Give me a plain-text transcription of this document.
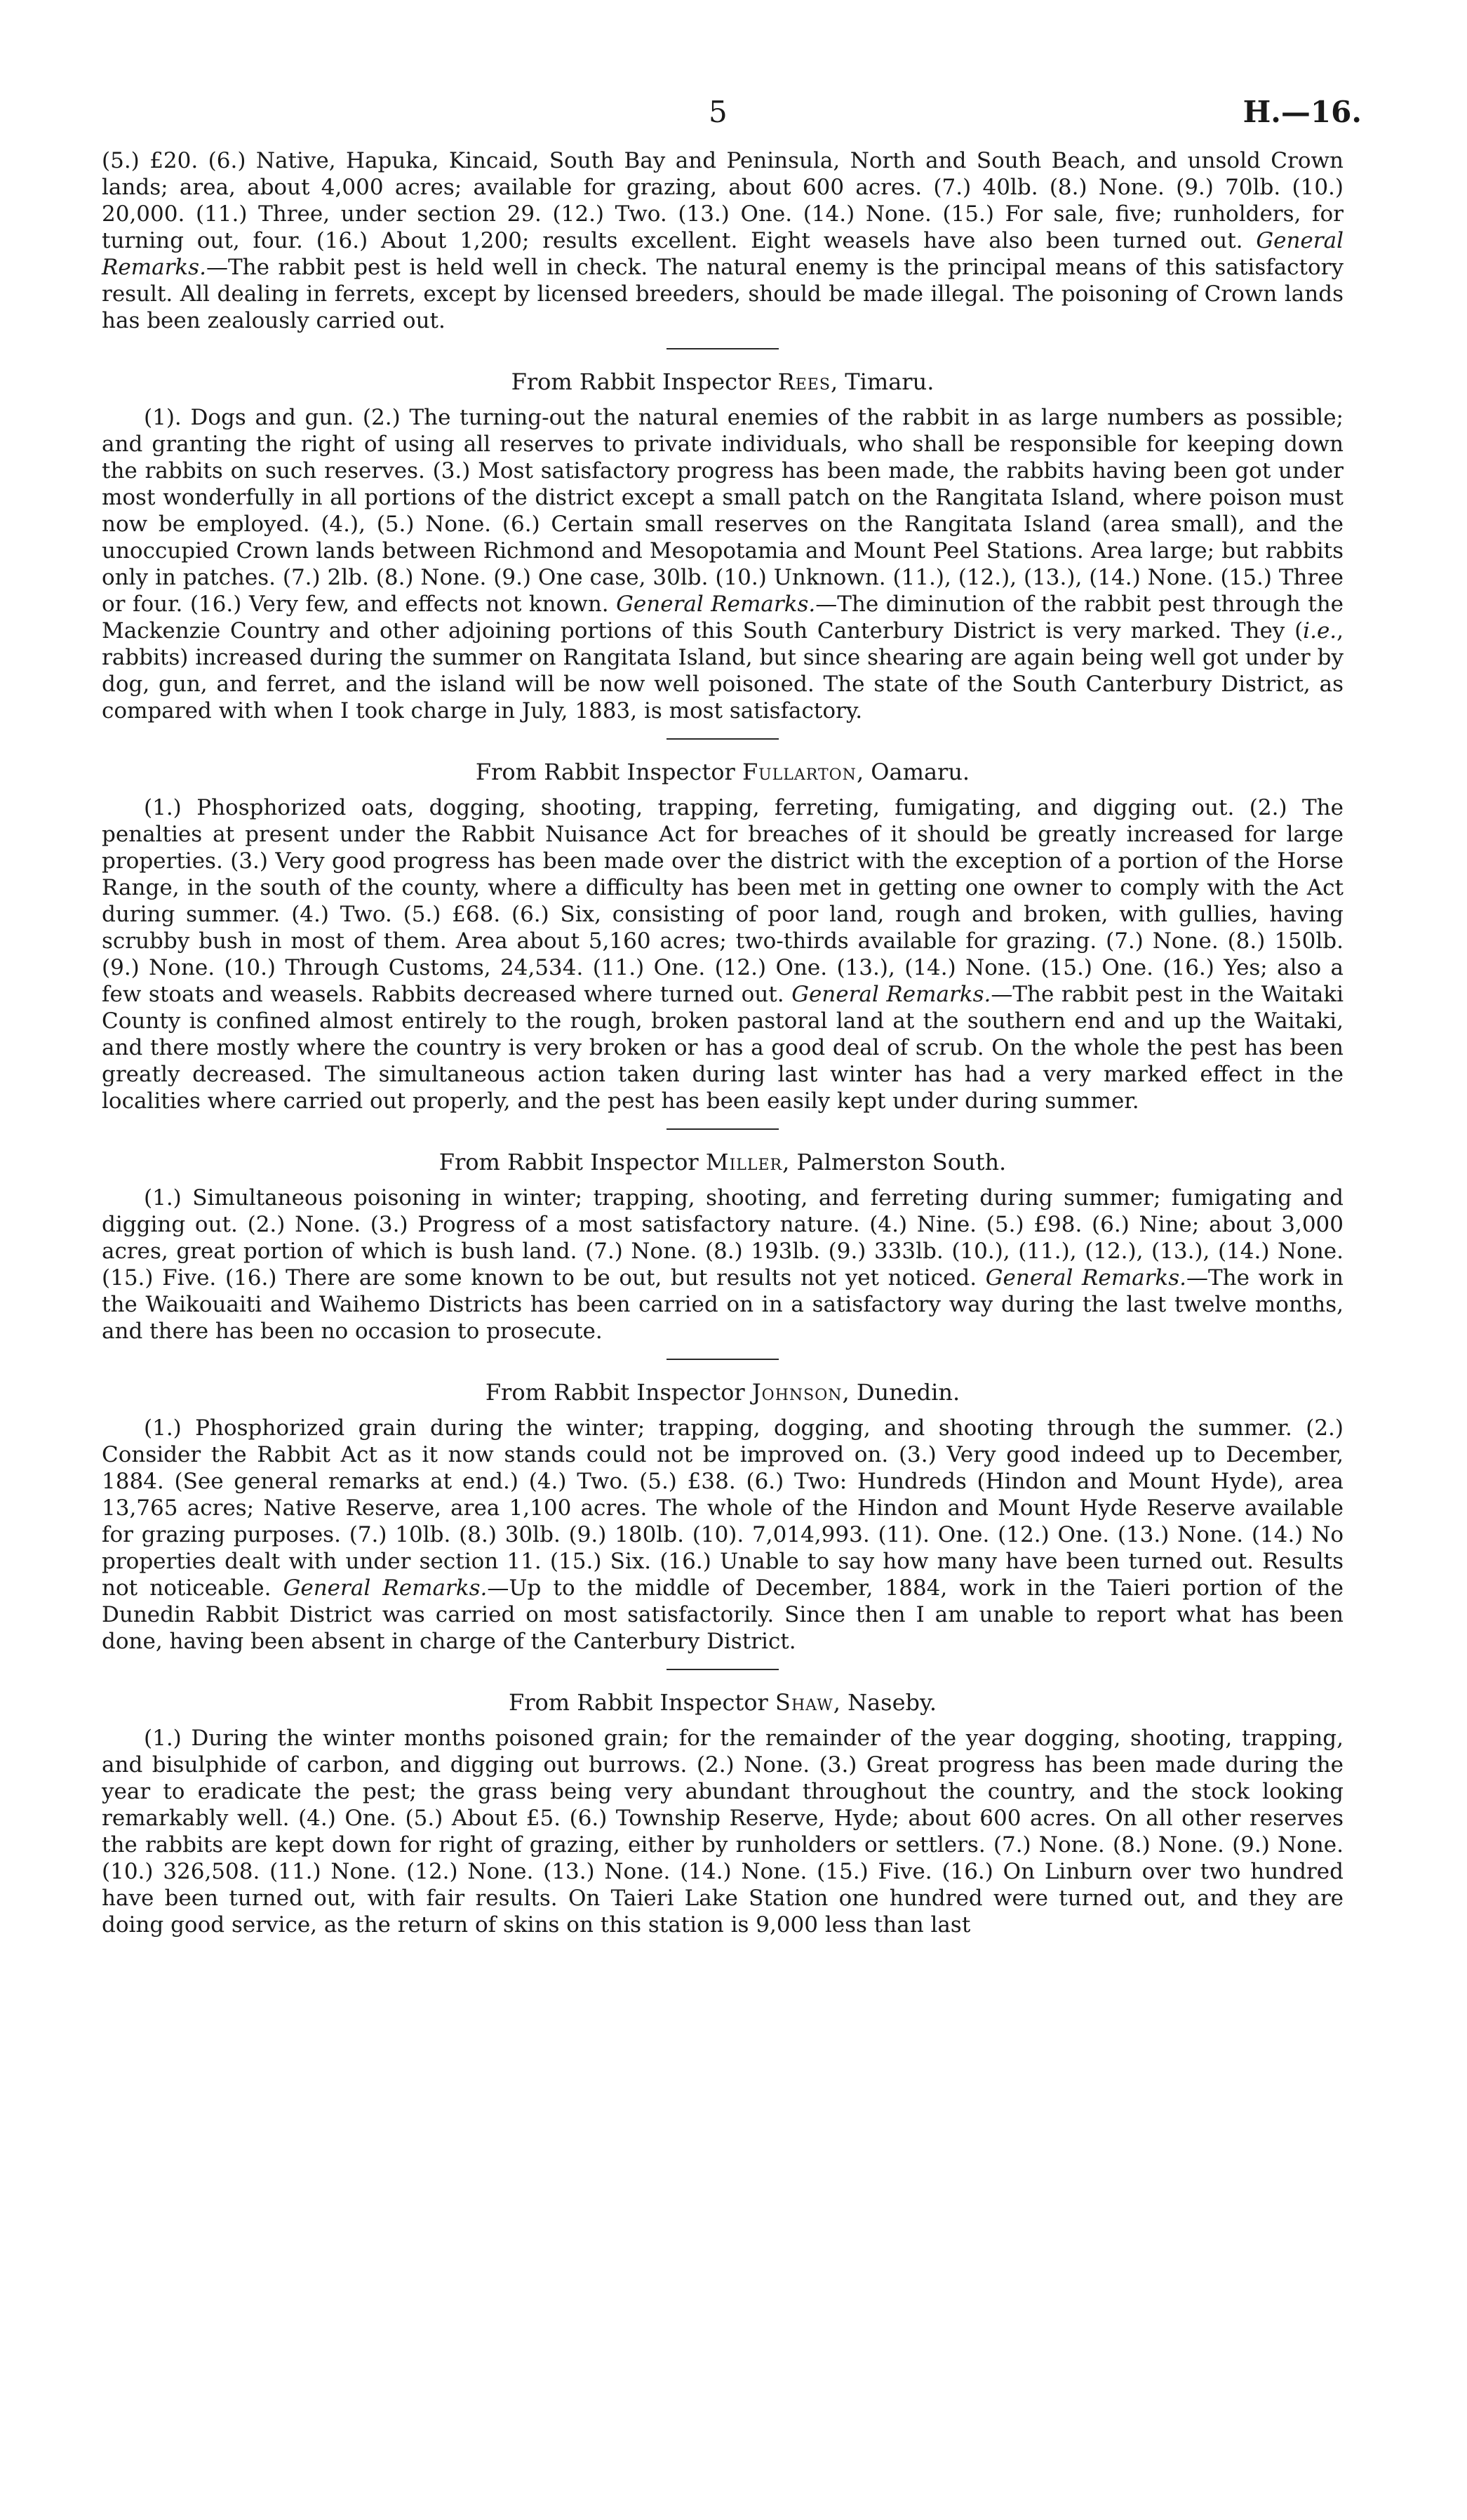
5	H.—16.

(5.) £20. (6.) Native, Hapuka, Kincaid, South Bay and Peninsula, North and South Beach, and unsold Crown lands; area, about 4,000 acres; available for grazing, about 600 acres. (7.) 40lb. (8.) None. (9.) 70lb. (10.) 20,000. (11.) Three, under section 29. (12.) Two. (13.) One. (14.) None. (15.) For sale, five; runholders, for turning out, four. (16.) About 1,200; results excellent. Eight weasels have also been turned out. General Remarks.—The rabbit pest is held well in check. The natural enemy is the principal means of this satisfactory result. All dealing in ferrets, except by licensed breeders, should be made illegal. The poisoning of Crown lands has been zealously carried out.

From Rabbit Inspector Rees, Timaru.

(1). Dogs and gun. (2.) The turning-out the natural enemies of the rabbit in as large numbers as possible; and granting the right of using all reserves to private individuals, who shall be responsible for keeping down the rabbits on such reserves. (3.) Most satisfactory progress has been made, the rabbits having been got under most wonderfully in all portions of the district except a small patch on the Rangitata Island, where poison must now be employed. (4.), (5.) None. (6.) Certain small reserves on the Rangitata Island (area small), and the unoccupied Crown lands between Richmond and Mesopotamia and Mount Peel Stations. Area large; but rabbits only in patches. (7.) 2lb. (8.) None. (9.) One case, 30lb. (10.) Unknown. (11.), (12.), (13.), (14.) None. (15.) Three or four. (16.) Very few, and effects not known. General Remarks.—The diminution of the rabbit pest through the Mackenzie Country and other adjoining portions of this South Canterbury District is very marked. They (i.e., rabbits) increased during the summer on Rangitata Island, but since shearing are again being well got under by dog, gun, and ferret, and the island will be now well poisoned. The state of the South Canterbury District, as compared with when I took charge in July, 1883, is most satisfactory.

From Rabbit Inspector Fullarton, Oamaru.

(1.) Phosphorized oats, dogging, shooting, trapping, ferreting, fumigating, and digging out. (2.) The penalties at present under the Rabbit Nuisance Act for breaches of it should be greatly increased for large properties. (3.) Very good progress has been made over the district with the exception of a portion of the Horse Range, in the south of the county, where a difficulty has been met in getting one owner to comply with the Act during summer. (4.) Two. (5.) £68. (6.) Six, consisting of poor land, rough and broken, with gullies, having scrubby bush in most of them. Area about 5,160 acres; two-thirds available for grazing. (7.) None. (8.) 150lb. (9.) None. (10.) Through Customs, 24,534. (11.) One. (12.) One. (13.), (14.) None. (15.) One. (16.) Yes; also a few stoats and weasels. Rabbits decreased where turned out. General Remarks.—The rabbit pest in the Waitaki County is confined almost entirely to the rough, broken pastoral land at the southern end and up the Waitaki, and there mostly where the country is very broken or has a good deal of scrub. On the whole the pest has been greatly decreased. The simultaneous action taken during last winter has had a very marked effect in the localities where carried out properly, and the pest has been easily kept under during summer.

From Rabbit Inspector Miller, Palmerston South.

(1.) Simultaneous poisoning in winter; trapping, shooting, and ferreting during summer; fumigating and digging out. (2.) None. (3.) Progress of a most satisfactory nature. (4.) Nine. (5.) £98. (6.) Nine; about 3,000 acres, great portion of which is bush land. (7.) None. (8.) 193lb. (9.) 333lb. (10.), (11.), (12.), (13.), (14.) None. (15.) Five. (16.) There are some known to be out, but results not yet noticed. General Remarks.—The work in the Waikouaiti and Waihemo Districts has been carried on in a satisfactory way during the last twelve months, and there has been no occasion to prosecute.

From Rabbit Inspector Johnson, Dunedin.

(1.) Phosphorized grain during the winter; trapping, dogging, and shooting through the summer. (2.) Consider the Rabbit Act as it now stands could not be improved on. (3.) Very good indeed up to December, 1884. (See general remarks at end.) (4.) Two. (5.) £38. (6.) Two: Hundreds (Hindon and Mount Hyde), area 13,765 acres; Native Reserve, area 1,100 acres. The whole of the Hindon and Mount Hyde Reserve available for grazing purposes. (7.) 10lb. (8.) 30lb. (9.) 180lb. (10). 7,014,993. (11). One. (12.) One. (13.) None. (14.) No properties dealt with under section 11. (15.) Six. (16.) Unable to say how many have been turned out. Results not noticeable. General Remarks.—Up to the middle of December, 1884, work in the Taieri portion of the Dunedin Rabbit District was carried on most satisfactorily. Since then I am unable to report what has been done, having been absent in charge of the Canterbury District.

From Rabbit Inspector Shaw, Naseby.

(1.) During the winter months poisoned grain; for the remainder of the year dogging, shooting, trapping, and bisulphide of carbon, and digging out burrows. (2.) None. (3.) Great progress has been made during the year to eradicate the pest; the grass being very abundant throughout the country, and the stock looking remarkably well. (4.) One. (5.) About £5. (6.) Township Reserve, Hyde; about 600 acres. On all other reserves the rabbits are kept down for right of grazing, either by runholders or settlers. (7.) None. (8.) None. (9.) None. (10.) 326,508. (11.) None. (12.) None. (13.) None. (14.) None. (15.) Five. (16.) On Linburn over two hundred have been turned out, with fair results. On Taieri Lake Station one hundred were turned out, and they are doing good service, as the return of skins on this station is 9,000 less than last
